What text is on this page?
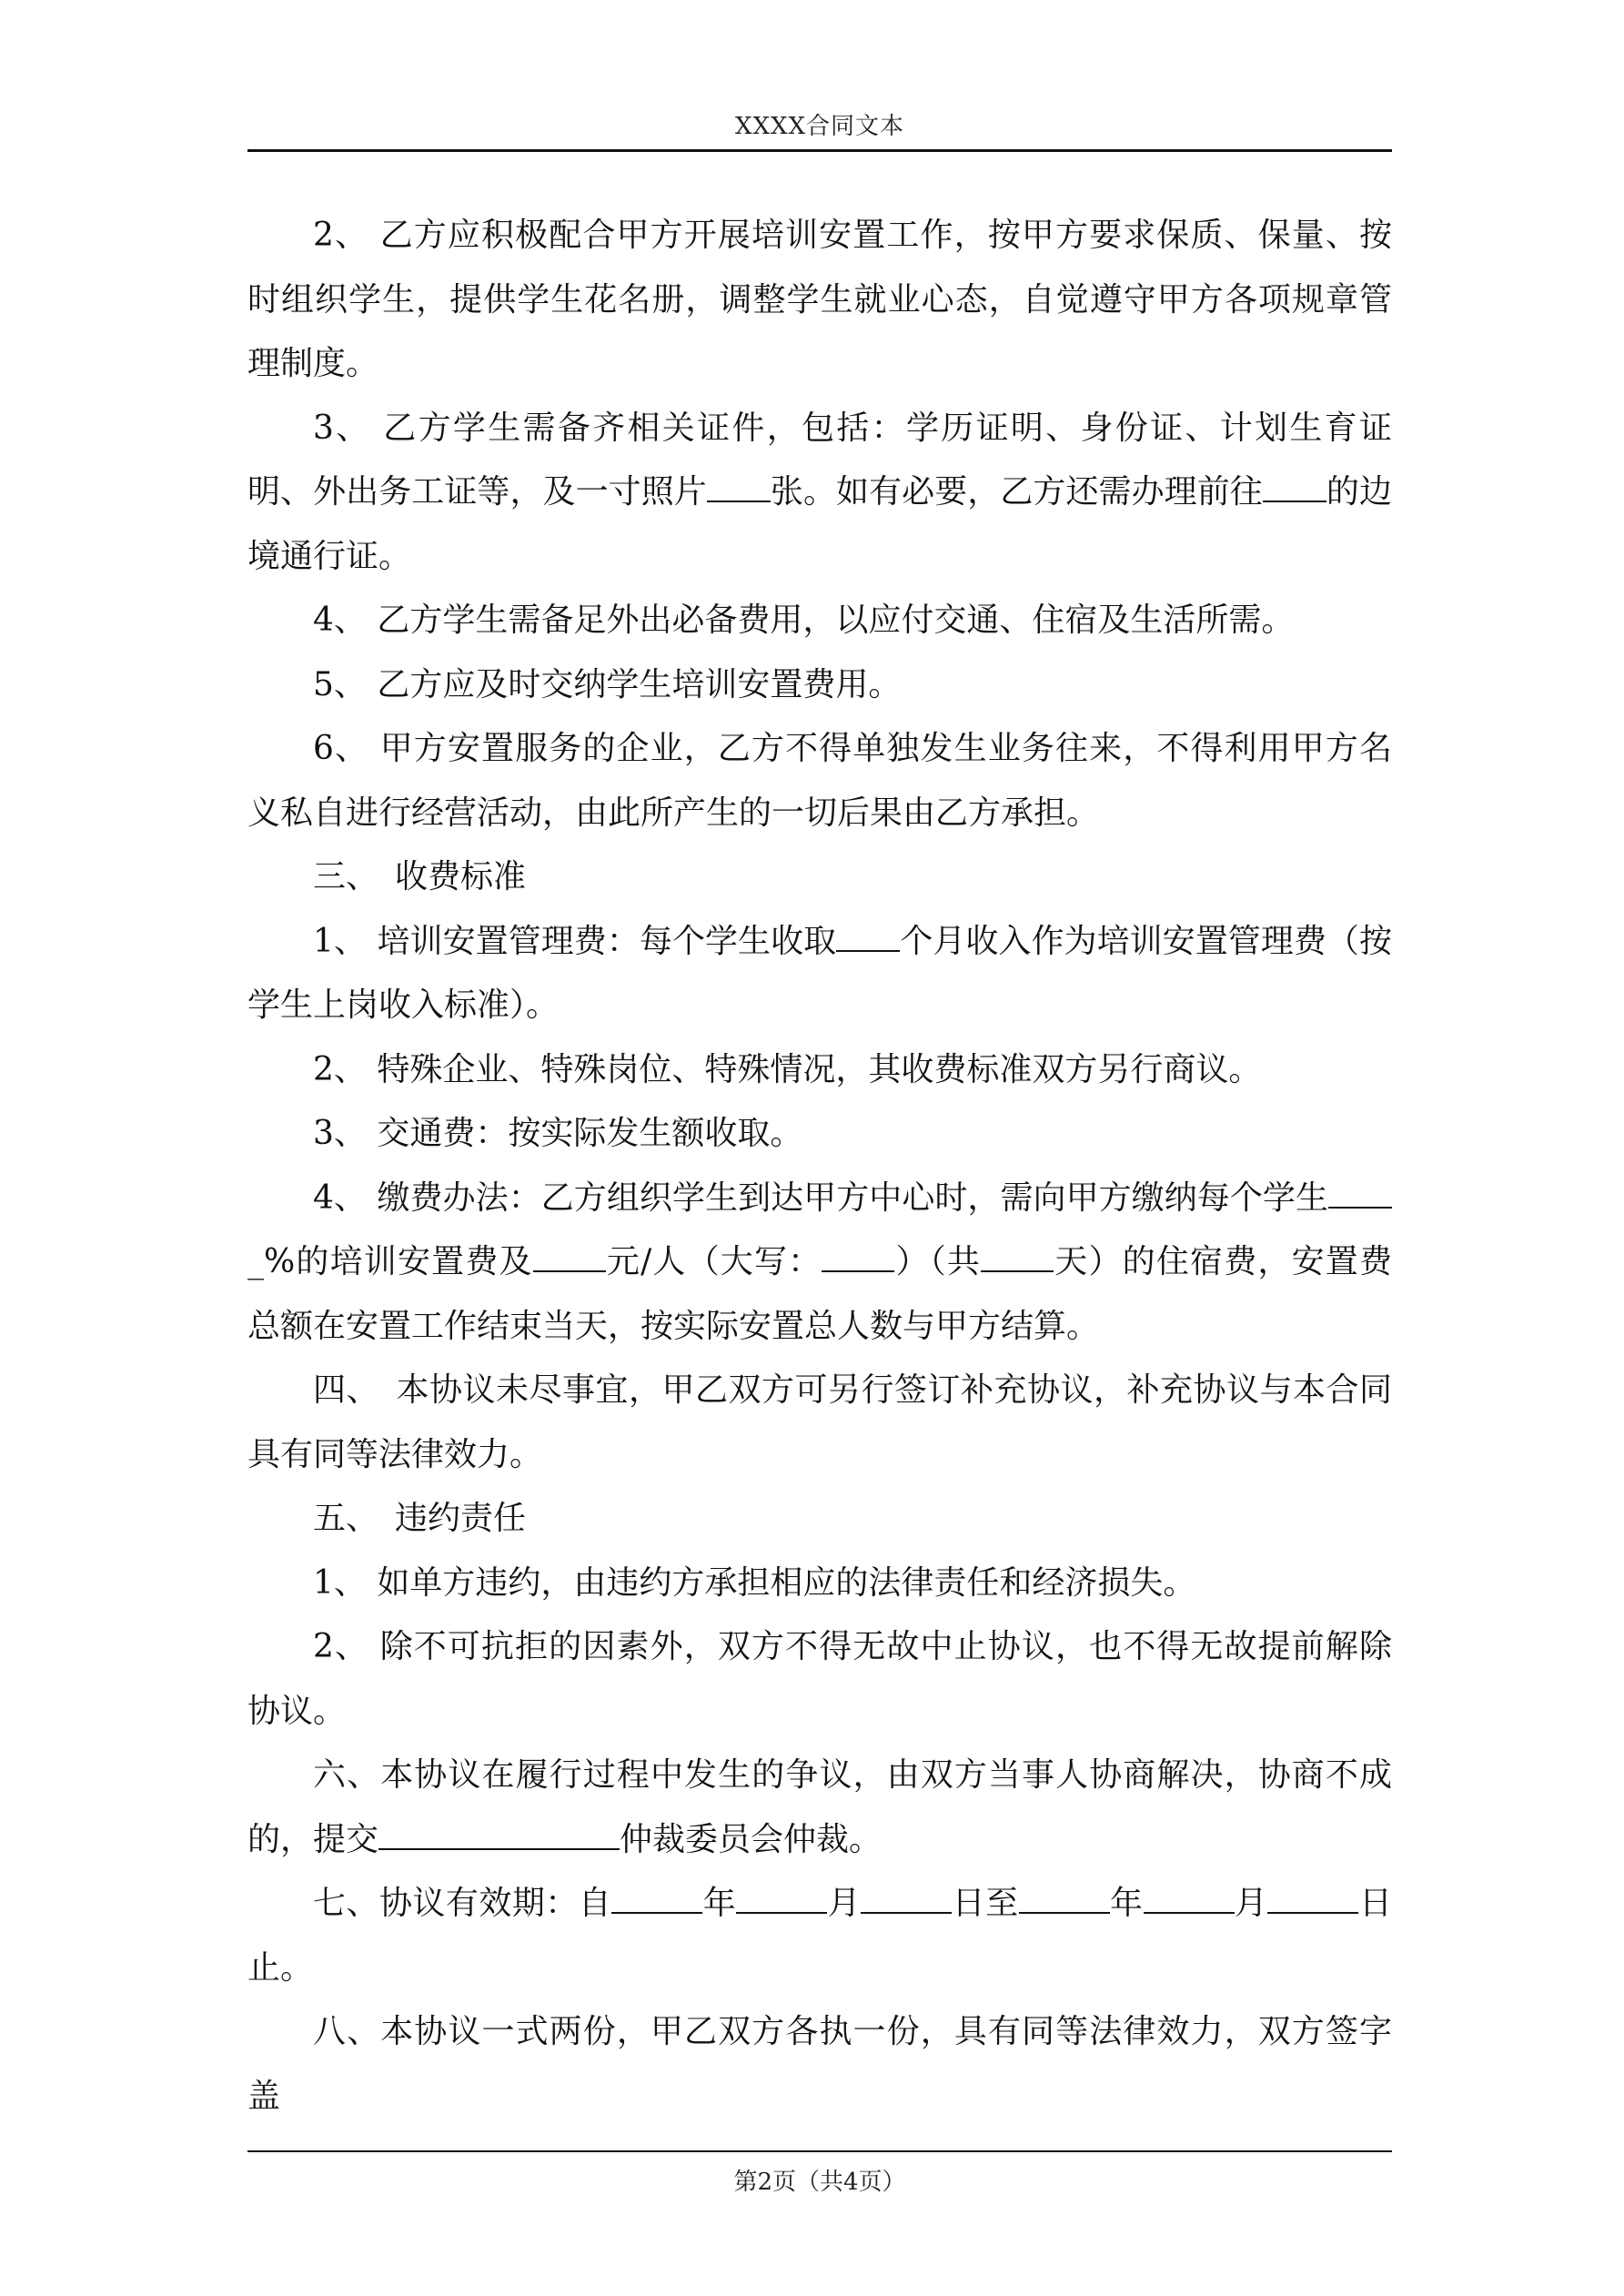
XXXX合同文本

2、 乙方应积极配合甲方开展培训安置工作，按甲方要求保质、保量、按时组织学生，提供学生花名册，调整学生就业心态，自觉遵守甲方各项规章管理制度。

3、 乙方学生需备齐相关证件，包括：学历证明、身份证、计划生育证明、外出务工证等，及一寸照片 张。如有必要，乙方还需办理前往 的边境通行证。

4、 乙方学生需备足外出必备费用，以应付交通、住宿及生活所需。

5、 乙方应及时交纳学生培训安置费用。

6、 甲方安置服务的企业，乙方不得单独发生业务往来，不得利用甲方名义私自进行经营活动，由此所产生的一切后果由乙方承担。

三、　收费标准

1、 培训安置管理费：每个学生收取 个月收入作为培训安置管理费（按学生上岗收入标准）。

2、 特殊企业、特殊岗位、特殊情况，其收费标准双方另行商议。

3、 交通费：按实际发生额收取。

4、 缴费办法：乙方组织学生到达甲方中心时，需向甲方缴纳每个学生_%的培训安置费及 元/人（大写： ）（共 天）的住宿费，安置费总额在安置工作结束当天，按实际安置总人数与甲方结算。

四、　本协议未尽事宜，甲乙双方可另行签订补充协议，补充协议与本合同具有同等法律效力。

五、　违约责任

1、 如单方违约，由违约方承担相应的法律责任和经济损失。

2、 除不可抗拒的因素外，双方不得无故中止协议，也不得无故提前解除协议。

六、本协议在履行过程中发生的争议，由双方当事人协商解决，协商不成的，提交	仲裁委员会仲裁。

七、协议有效期：自	年	月	日至	年	月	日止。

八、本协议一式两份，甲乙双方各执一份，具有同等法律效力，双方签字盖

第2页（共4页）
